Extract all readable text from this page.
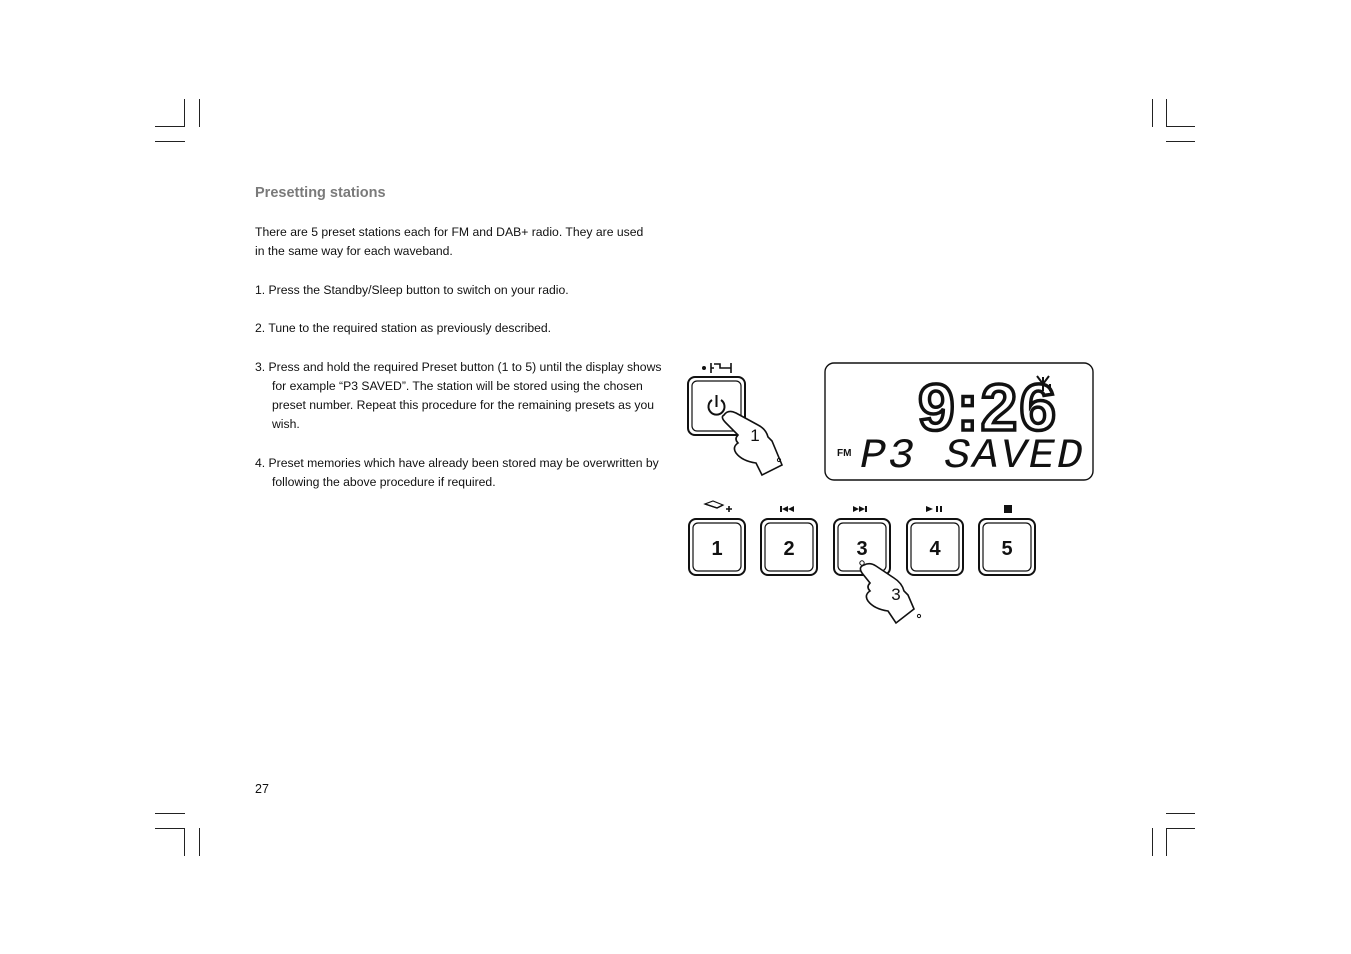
Presetting stations

There are 5 preset stations each for FM and DAB+ radio. They are used in the same way for each waveband.

1. Press the Standby/Sleep button to switch on your radio.

2. Tune to the required station as previously described.

3. Press and hold the required Preset button (1 to 5) until the display shows for example “P3 SAVED”. The station will be stored using the chosen preset number. Repeat this procedure for the remaining presets as you wish.

4. Preset memories which have already been stored may be overwritten by following the above procedure if required.

27
1 9:26
FM P3 SAVED
1	2	3	4	5
3
